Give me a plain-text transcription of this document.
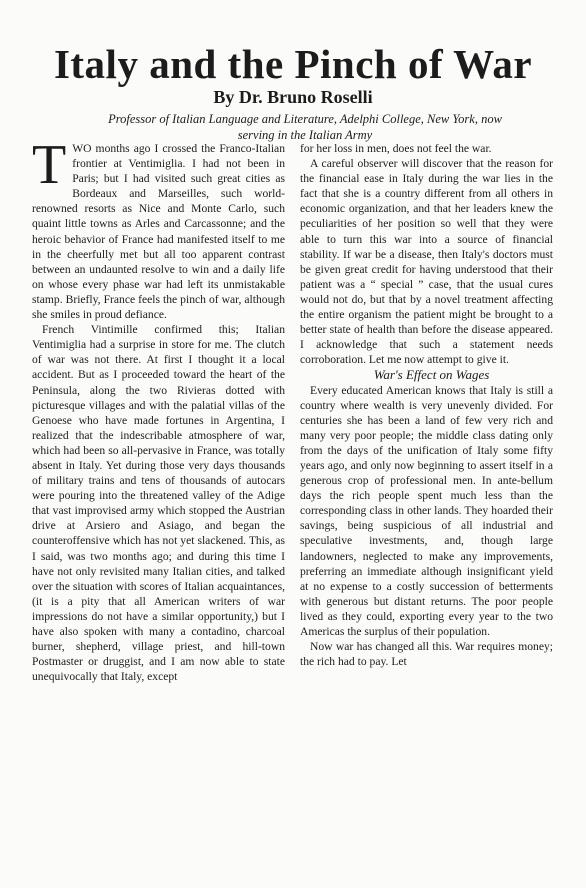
Italy and the Pinch of War
By Dr. Bruno Roselli
Professor of Italian Language and Literature, Adelphi College, New York, now
serving in the Italian Army

TWO months ago I crossed the Franco-Italian frontier at Ventimiglia. I had not been in Paris; but I had visited such great cities as Bordeaux and Marseilles, such world-renowned resorts as Nice and Monte Carlo, such quaint little towns as Arles and Carcassonne; and the heroic behavior of France had manifested itself to me in the cheerfully met but all too apparent contrast between an undaunted resolve to win and a daily life on whose every phase war had left its unmistakable stamp. Briefly, France feels the pinch of war, although she smiles in proud defiance.

French Vintimille confirmed this; Italian Ventimiglia had a surprise in store for me. The clutch of war was not there. At first I thought it a local accident. But as I proceeded toward the heart of the Peninsula, along the two Rivieras dotted with picturesque villages and with the palatial villas of the Genoese who have made fortunes in Argentina, I realized that the indescribable atmosphere of war, which had been so all-pervasive in France, was totally absent in Italy. Yet during those very days thousands of military trains and tens of thousands of autocars were pouring into the threatened valley of the Adige that vast improvised army which stopped the Austrian drive at Arsiero and Asiago, and began the counteroffensive which has not yet slackened. This, as I said, was two months ago; and during this time I have not only revisited many Italian cities, and talked over the situation with scores of Italian acquaintances, (it is a pity that all American writers of war impressions do not have a similar opportunity,) but I have also spoken with many a contadino, charcoal burner, shepherd, village priest, and hill-town Postmaster or druggist, and I am now able to state unequivocally that Italy, except

for her loss in men, does not feel the war.

A careful observer will discover that the reason for the financial ease in Italy during the war lies in the fact that she is a country different from all others in economic organization, and that her leaders knew the peculiarities of her position so well that they were able to turn this war into a source of financial stability. If war be a disease, then Italy's doctors must be given great credit for having understood that their patient was a “ special ” case, that the usual cures would not do, but that by a novel treatment affecting the entire organism the patient might be brought to a better state of health than before the disease appeared. I acknowledge that such a statement needs corroboration. Let me now attempt to give it.

War's Effect on Wages

Every educated American knows that Italy is still a country where wealth is very unevenly divided. For centuries she has been a land of few very rich and many very poor people; the middle class dating only from the days of the unification of Italy some fifty years ago, and only now beginning to assert itself in a generous crop of professional men. In ante-bellum days the rich people spent much less than the corresponding class in other lands. They hoarded their savings, being suspicious of all industrial and speculative investments, and, though large landowners, neglected to make any improvements, preferring an immediate although insignificant yield at no expense to a costly succession of betterments with generous but distant returns. The poor people lived as they could, exporting every year to the two Americas the surplus of their population.

Now war has changed all this. War requires money; the rich had to pay. Let
